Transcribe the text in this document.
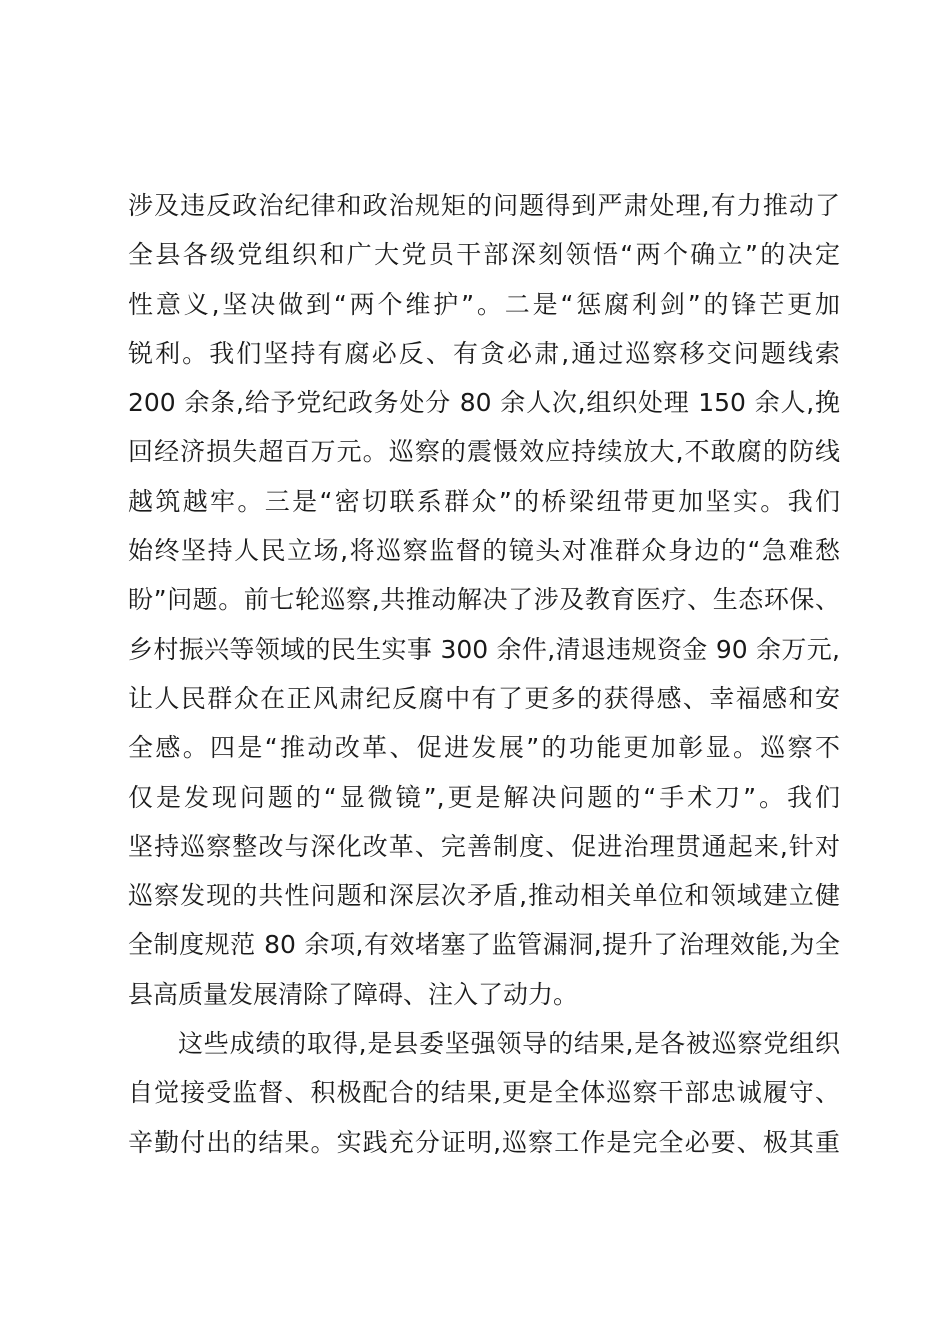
涉及违反政治纪律和政治规矩的问题得到严肃处理,有力推动了
全县各级党组织和广大党员干部深刻领悟“两个确立”的决定
性意义,坚决做到“两个维护”。二是“惩腐利剑”的锋芒更加
锐利。我们坚持有腐必反、有贪必肃,通过巡察移交问题线索
200 余条,给予党纪政务处分 80 余人次,组织处理 150 余人,挽
回经济损失超百万元。巡察的震慑效应持续放大,不敢腐的防线
越筑越牢。三是“密切联系群众”的桥梁纽带更加坚实。我们
始终坚持人民立场,将巡察监督的镜头对准群众身边的“急难愁
盼”问题。前七轮巡察,共推动解决了涉及教育医疗、生态环保、
乡村振兴等领域的民生实事 300 余件,清退违规资金 90 余万元,
让人民群众在正风肃纪反腐中有了更多的获得感、幸福感和安
全感。四是“推动改革、促进发展”的功能更加彰显。巡察不
仅是发现问题的“显微镜”,更是解决问题的“手术刀”。我们
坚持巡察整改与深化改革、完善制度、促进治理贯通起来,针对
巡察发现的共性问题和深层次矛盾,推动相关单位和领域建立健
全制度规范 80 余项,有效堵塞了监管漏洞,提升了治理效能,为全
县高质量发展清除了障碍、注入了动力。
这些成绩的取得,是县委坚强领导的结果,是各被巡察党组织
自觉接受监督、积极配合的结果,更是全体巡察干部忠诚履守、
辛勤付出的结果。实践充分证明,巡察工作是完全必要、极其重
